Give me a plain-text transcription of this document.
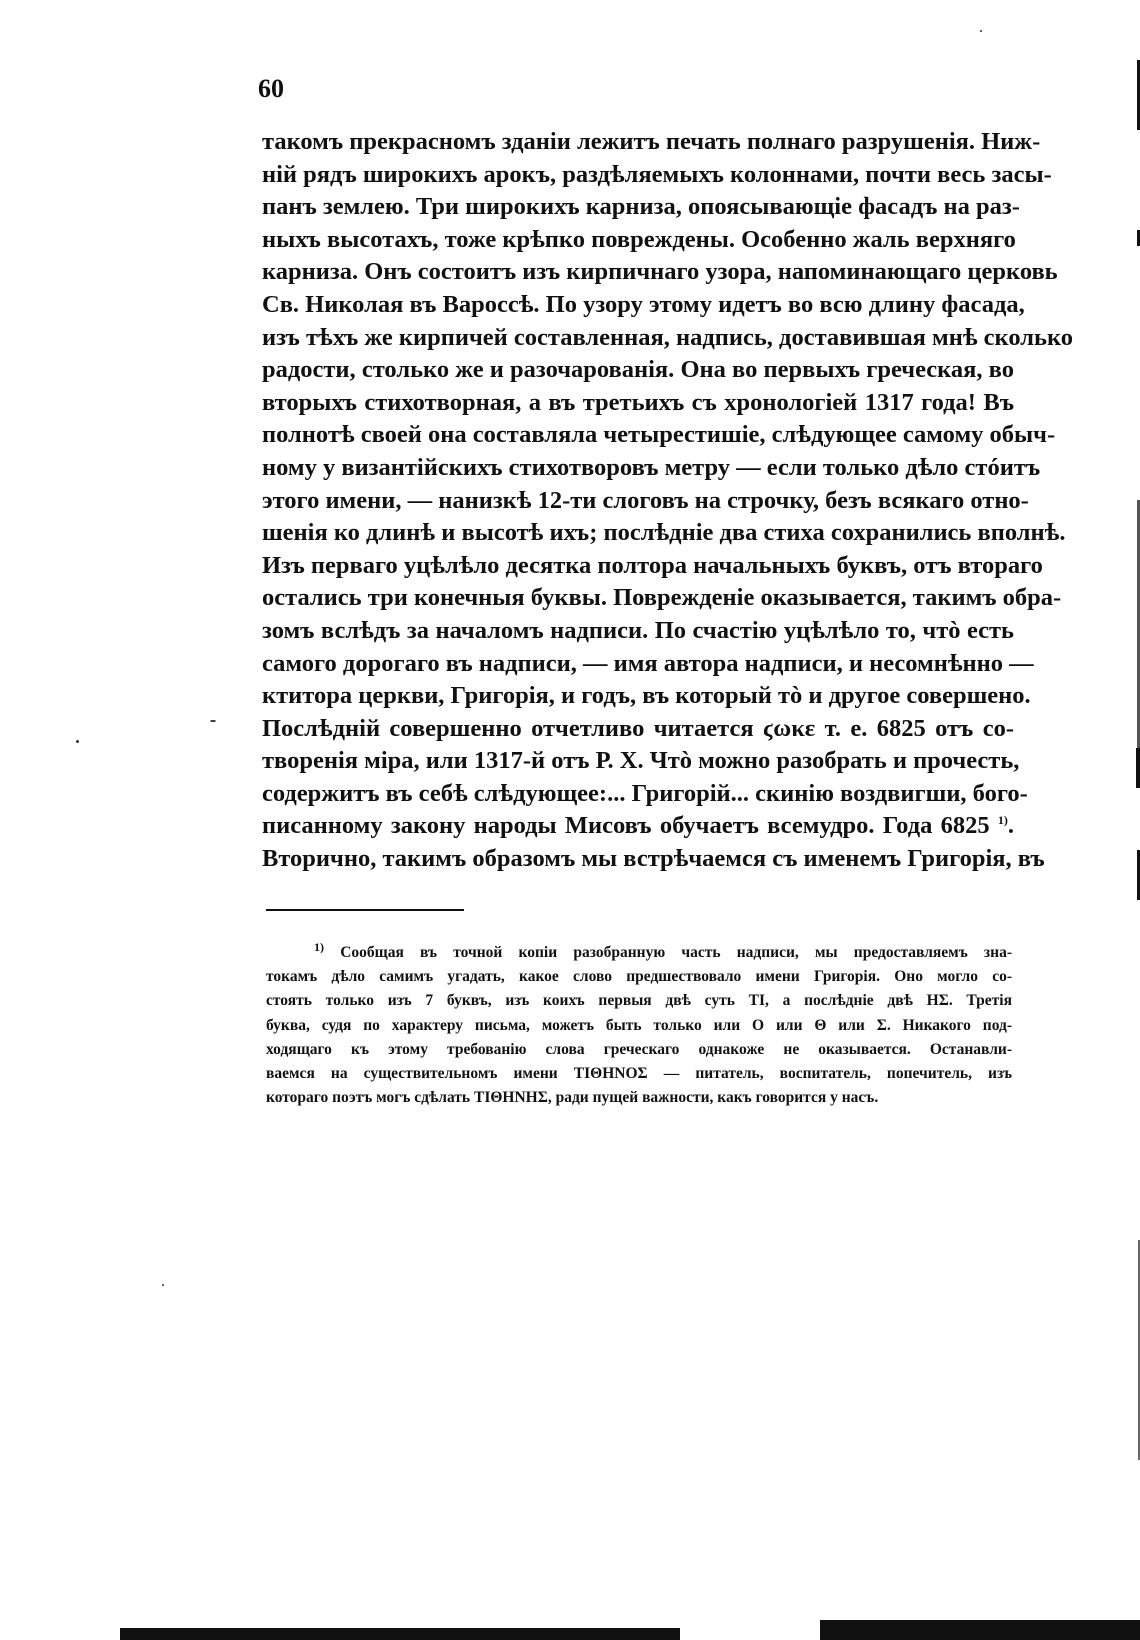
60
такомъ прекрасномъ зданіи лежитъ печать полнаго разрушенія. Ниж-
ній рядъ широкихъ арокъ, раздѣляемыхъ колоннами, почти весь засы-
панъ землею. Три широкихъ карниза, опоясывающіе фасадъ на раз-
ныхъ высотахъ, тоже крѣпко повреждены. Особенно жаль верхняго
карниза. Онъ состоитъ изъ кирпичнаго узора, напоминающаго церковь
Св. Николая въ Вароссѣ. По узору этому идетъ во всю длину фасада,
изъ тѣхъ же кирпичей составленная, надпись, доставившая мнѣ сколько
радости, столько же и разочарованія. Она во первыхъ греческая, во
вторыхъ стихотворная, а въ третьихъ съ хронологіей 1317 года! Въ
полнотѣ своей она составляла четырестишіе, слѣдующее самому обыч-
ному у византійскихъ стихотворовъ метру — если только дѣло стóитъ
этого имени, — нанизкѣ 12-ти слоговъ на строчку, безъ всякаго отно-
шенія ко длинѣ и высотѣ ихъ; послѣдніе два стиха сохранились вполнѣ.
Изъ перваго уцѣлѣло десятка полтора начальныхъ буквъ, отъ втораго
остались три конечныя буквы. Поврежденіе оказывается, такимъ обра-
зомъ вслѣдъ за началомъ надписи. По счастію уцѣлѣло то, чтò есть
самого дорогаго въ надписи, — имя автора надписи, и несомнѣнно —
ктитора церкви, Григорія, и годъ, въ который тò и другое совершено.
Послѣдній совершенно отчетливо читается ϛωκε т. е. 6825 отъ со-
творенія міра, или 1317-й отъ Р. Х. Чтò можно разобрать и прочесть,
содержитъ въ себѣ слѣдующее:... Григорій... скинію воздвигши, бого-
писанному закону народы Мисовъ обучаетъ всемудро. Года 6825 $^{1)}$.
Вторично, такимъ образомъ мы встрѣчаемся съ именемъ Григорія, въ
$^{1)}$ Сообщая въ точной копіи разобранную часть надписи, мы предоставляемъ зна-
токамъ дѣло самимъ угадать, какое слово предшествовало имени Григорія. Оно могло со-
стоять только изъ 7 буквъ, изъ коихъ первыя двѣ суть ТІ, а послѣдніе двѣ НΣ. Третія
буква, судя по характеру письма, можетъ быть только или О или Θ или Σ. Никакого под-
ходящаго къ этому требованію слова греческаго однакоже не оказывается. Останавли-
ваемся на существительномъ имени ΤΙΘΗΝΟΣ — питатель, воспитатель, попечитель, изъ
котораго поэтъ могъ сдѣлать ΤΙΘΗΝΗΣ, ради пущей важности, какъ говорится у насъ.
